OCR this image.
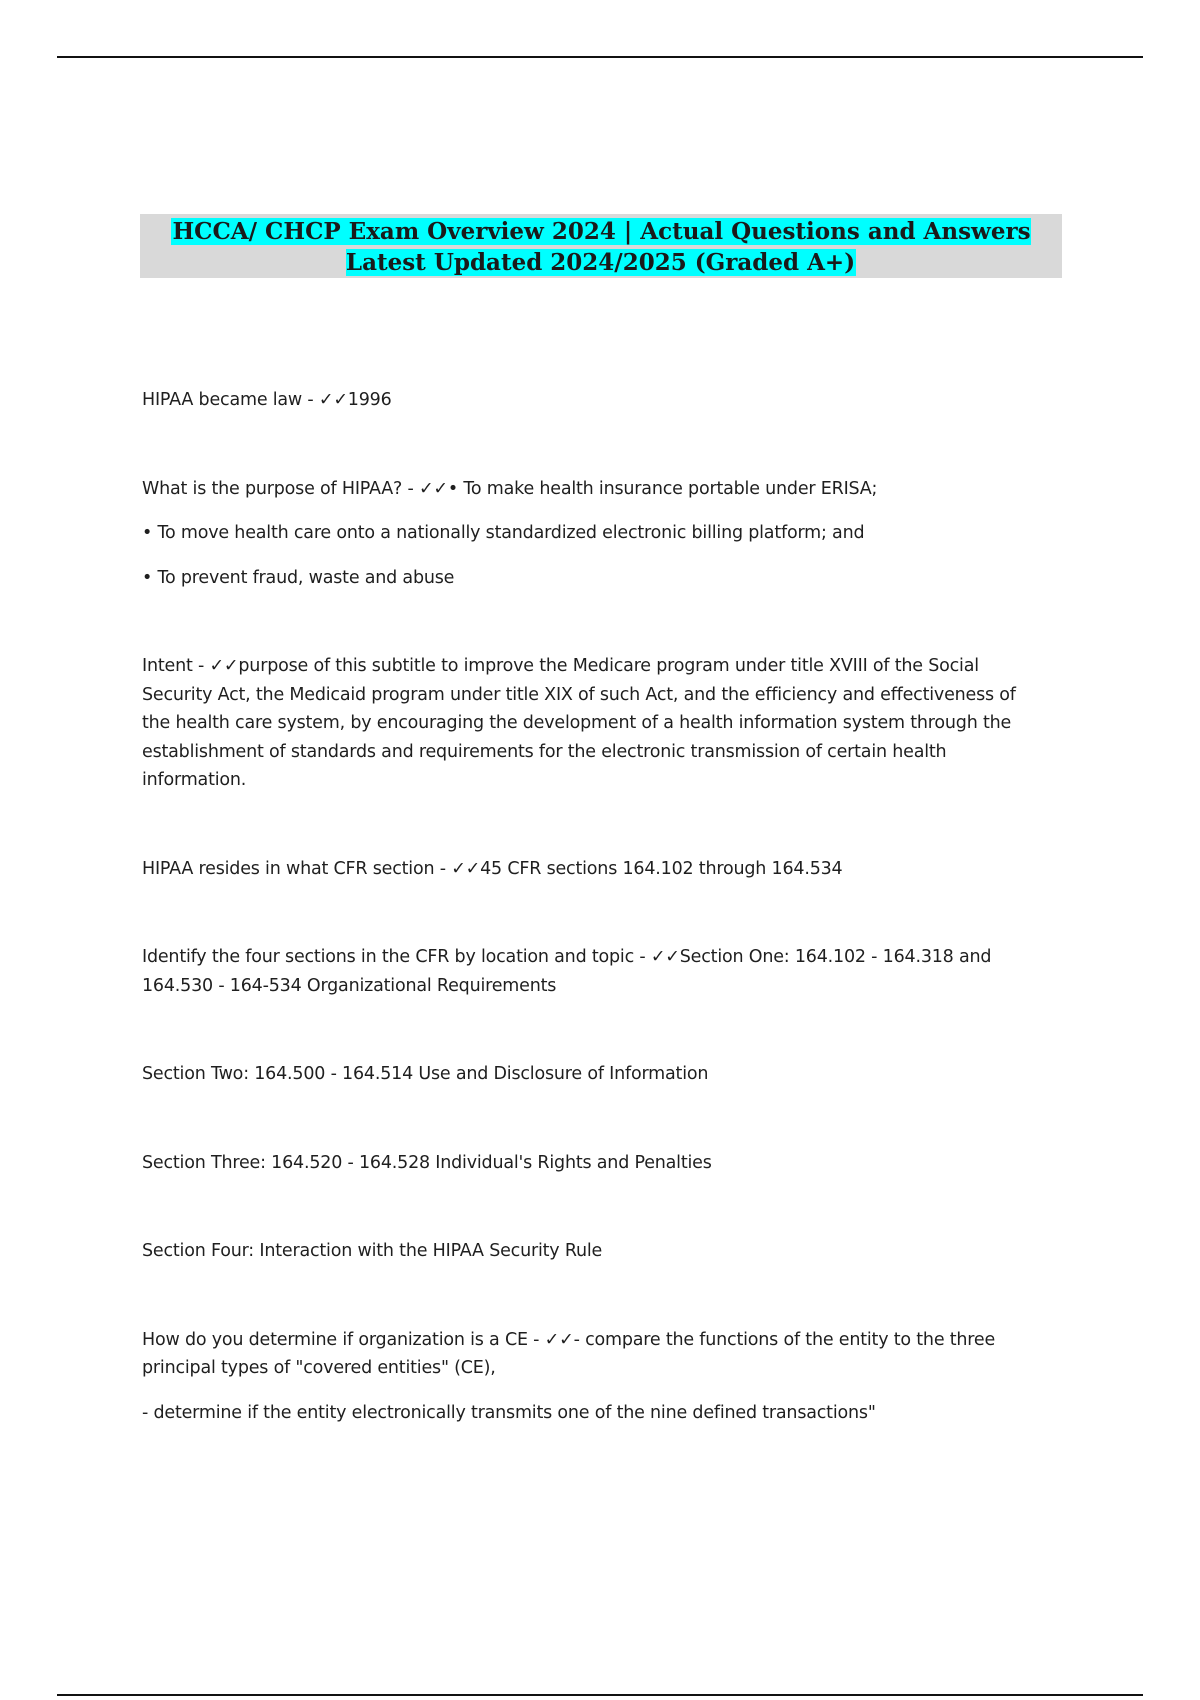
HCCA/ CHCP Exam Overview 2024 | Actual Questions and Answers Latest Updated 2024/2025 (Graded A+)

HIPAA became law - ✓✓1996

What is the purpose of HIPAA? - ✓✓• To make health insurance portable under ERISA;

• To move health care onto a nationally standardized electronic billing platform; and

• To prevent fraud, waste and abuse

Intent - ✓✓purpose of this subtitle to improve the Medicare program under title XVIII of the Social Security Act, the Medicaid program under title XIX of such Act, and the efficiency and effectiveness of the health care system, by encouraging the development of a health information system through the establishment of standards and requirements for the electronic transmission of certain health information.

HIPAA resides in what CFR section - ✓✓45 CFR sections 164.102 through 164.534

Identify the four sections in the CFR by location and topic - ✓✓Section One: 164.102 - 164.318 and 164.530 - 164-534 Organizational Requirements

Section Two: 164.500 - 164.514 Use and Disclosure of Information

Section Three: 164.520 - 164.528 Individual's Rights and Penalties

Section Four: Interaction with the HIPAA Security Rule

How do you determine if organization is a CE - ✓✓- compare the functions of the entity to the three principal types of "covered entities" (CE),

- determine if the entity electronically transmits one of the nine defined transactions"
